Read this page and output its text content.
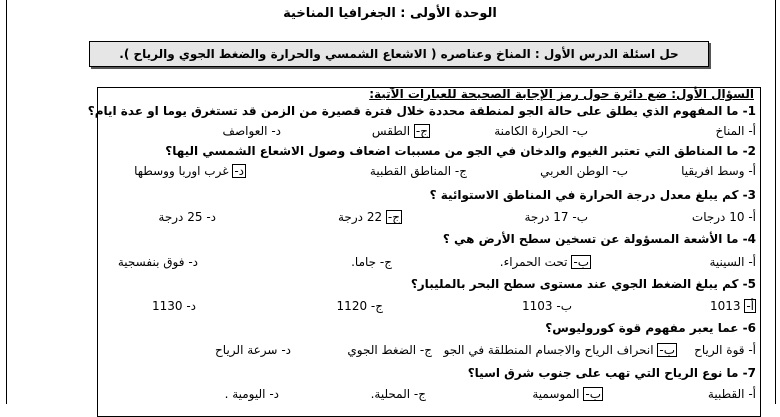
الوحدة الأولى : الجغرافيا المناخية
حل اسئلة الدرس الأول : المناخ وعناصره ( الاشعاع الشمسي والحرارة والضغط الجوي والرياح ).
السؤال الأول: ضع دائرة حول رمز الإجابة الصحيحة للعبارات الآتية:
1- ما المفهوم الذي يطلق على حالة الجو لمنطقة محددة خلال فترة قصيرة من الزمن قد تستغرق يوما او عدة ايام؟
أ- المناخ
ب- الحرارة الكامنة
ج- الطقس
د- العواصف
2- ما المناطق التي تعتبر الغيوم والدخان في الجو من مسببات اضعاف وصول الاشعاع الشمسي اليها؟
أ- وسط افريقيا
ب- الوطن العربي
ج- المناطق القطبية
د- غرب اوربا ووسطها
3- كم يبلغ معدل درجة الحرارة في المناطق الاستوائية ؟
أ- 10 درجات
ب- 17 درجة
ج- 22 درجة
د- 25 درجة
4- ما الأشعة المسؤولة عن تسخين سطح الأرض هي ؟
أ- السينية
ب- تحت الحمراء.
ج- جاما.
د- فوق بنفسجية
5- كم يبلغ الضغط الجوي عند مستوى سطح البحر بالمليبار؟
أ- 1013
ب- 1103
ج- 1120
د- 1130
6- عما يعبر مفهوم قوة كوروليوس؟
أ- قوة الرياح
ب- انحراف الرياح والاجسام المنطلقة في الجو
ج- الضغط الجوي
د- سرعة الرياح
7- ما نوع الرياح التي تهب على جنوب شرق اسيا؟
أ- القطبية
ب- الموسمية
ج- المحلية.
د- اليومية .
